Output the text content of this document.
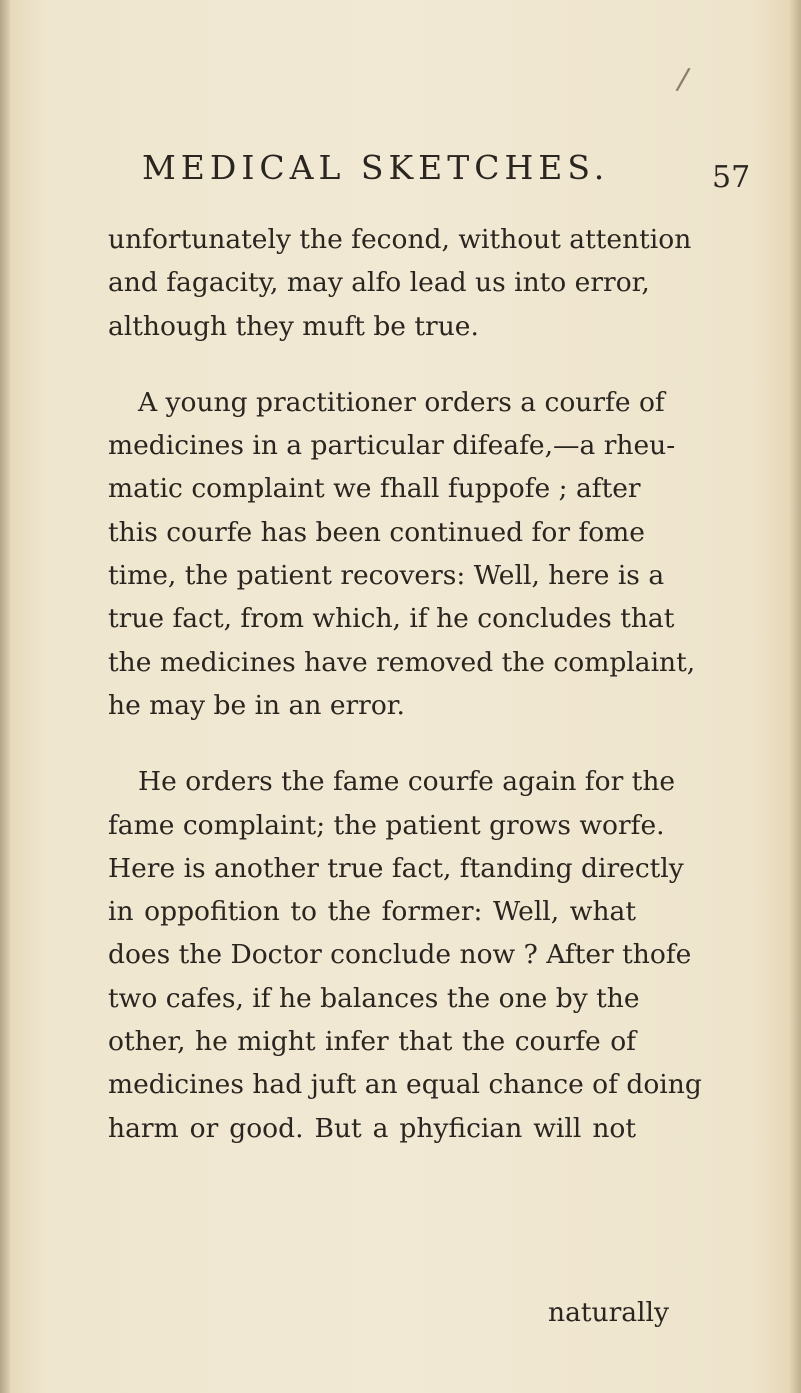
/
MEDICAL SKETCHES.	57

unfortunately the fecond, without attention
and fagacity, may alfo lead us into error,
although they muft be true.

A young practitioner orders a courfe of
medicines in a particular difeafe,—a rheu-
matic complaint we fhall fuppofe ; after
this courfe has been continued for fome
time, the patient recovers: Well, here is a
true fact, from which, if he concludes that
the medicines have removed the complaint,
he may be in an error.

He orders the fame courfe again for the
fame complaint; the patient grows worfe.
Here is another true fact, ftanding directly
in oppofition to the former: Well, what
does the Doctor conclude now ? After thofe
two cafes, if he balances the one by the
other, he might infer that the courfe of
medicines had juft an equal chance of doing
harm or good. But a phyfician will not

naturally
